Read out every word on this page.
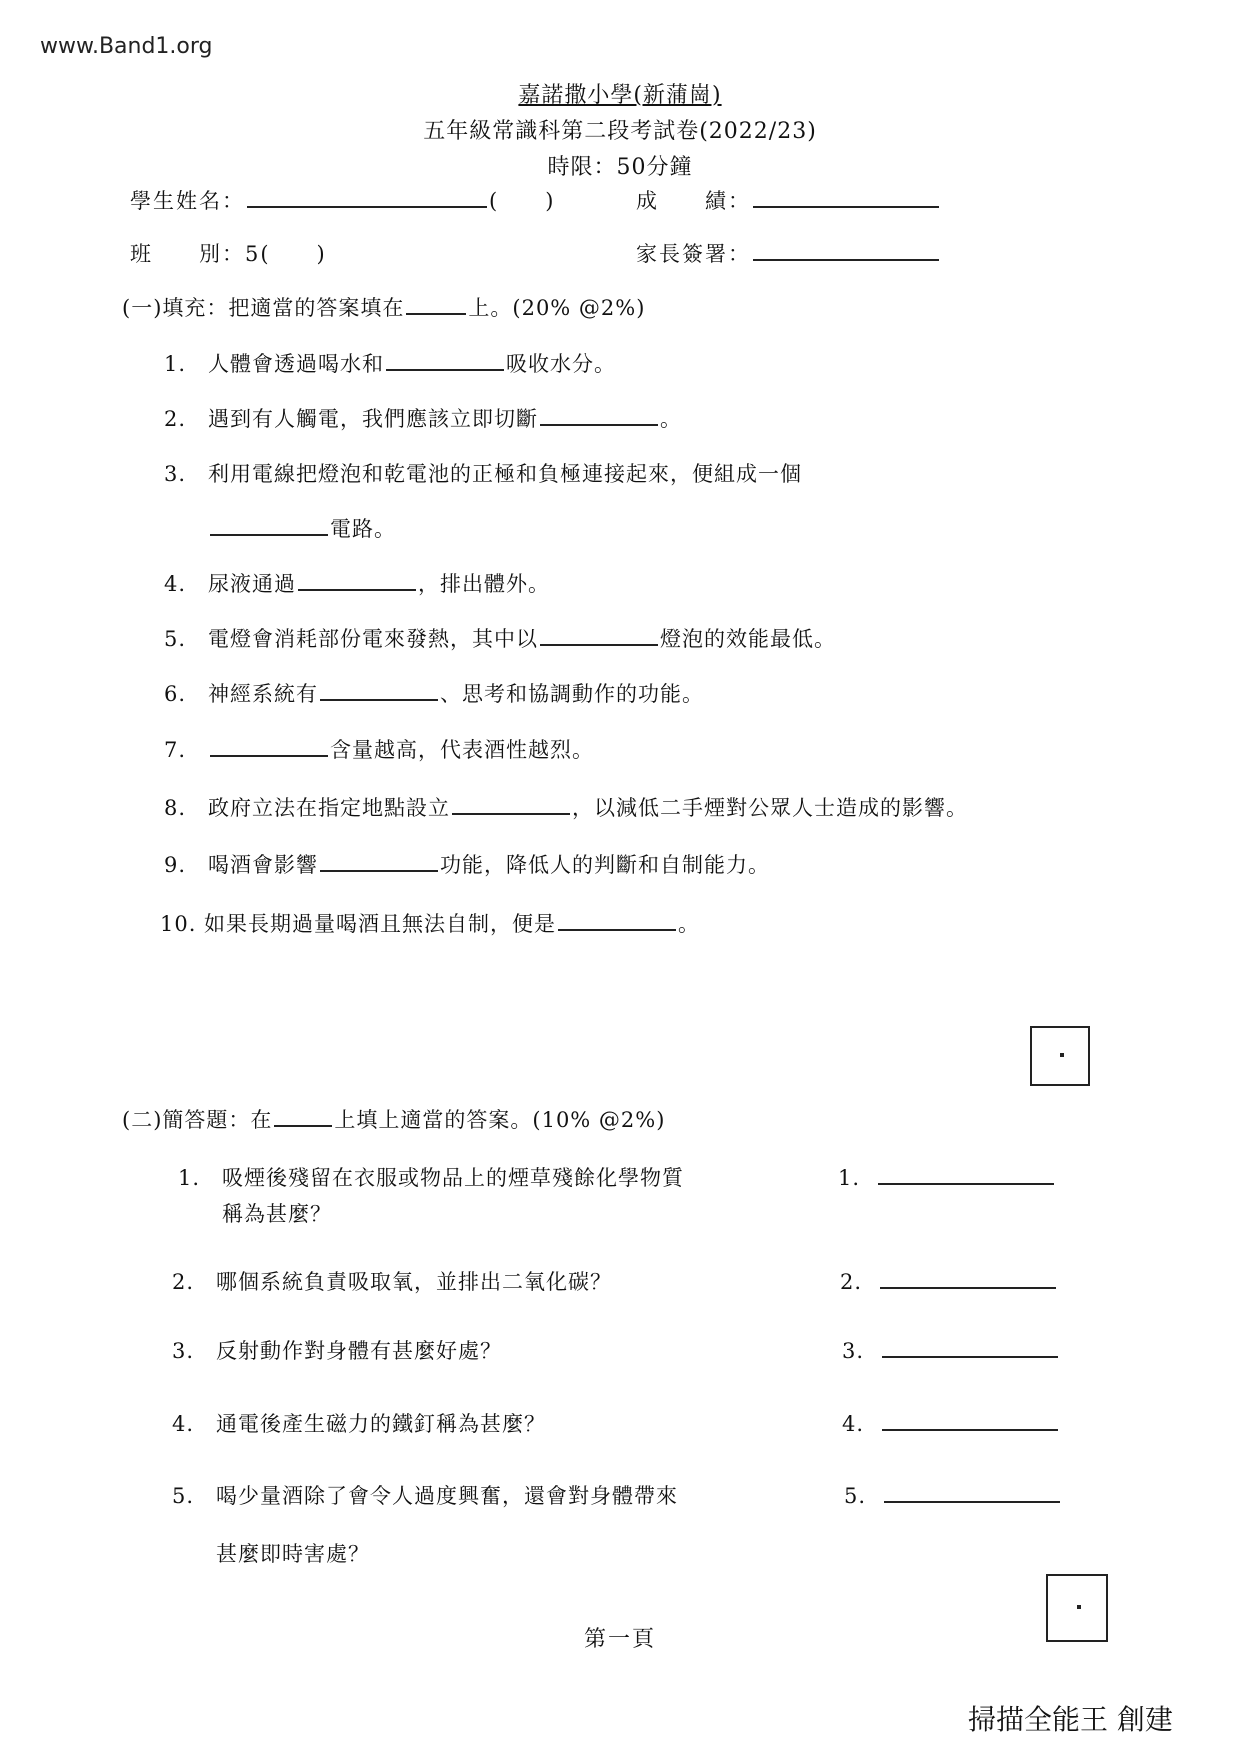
www.Band1.org
嘉諾撒小學(新蒲崗)
五年級常識科第二段考試卷(2022/23)
時限：50分鐘
學生姓名：	(　　)	成　　績：
班　　別：5(　　)	家長簽署：
(一)填充：把適當的答案填在	上。(20% @2%)
1. 人體會透過喝水和	吸收水分。
2. 遇到有人觸電，我們應該立即切斷	。
3. 利用電線把燈泡和乾電池的正極和負極連接起來，便組成一個
電路。
4. 尿液通過	，排出體外。
5. 電燈會消耗部份電來發熱，其中以	燈泡的效能最低。
6. 神經系統有	、思考和協調動作的功能。
7.	含量越高，代表酒性越烈。
8. 政府立法在指定地點設立	，以減低二手煙對公眾人士造成的影響。
9. 喝酒會影響	功能，降低人的判斷和自制能力。
10. 如果長期過量喝酒且無法自制，便是	。
(二)簡答題：在	上填上適當的答案。(10% @2%)
1. 吸煙後殘留在衣服或物品上的煙草殘餘化學物質
稱為甚麼？
1.
2. 哪個系統負責吸取氧，並排出二氧化碳？	2.
3. 反射動作對身體有甚麼好處？	3.
4. 通電後產生磁力的鐵釘稱為甚麼？	4.
5. 喝少量酒除了會令人過度興奮，還會對身體帶來
甚麼即時害處？
5.
第一頁
掃描全能王 創建
